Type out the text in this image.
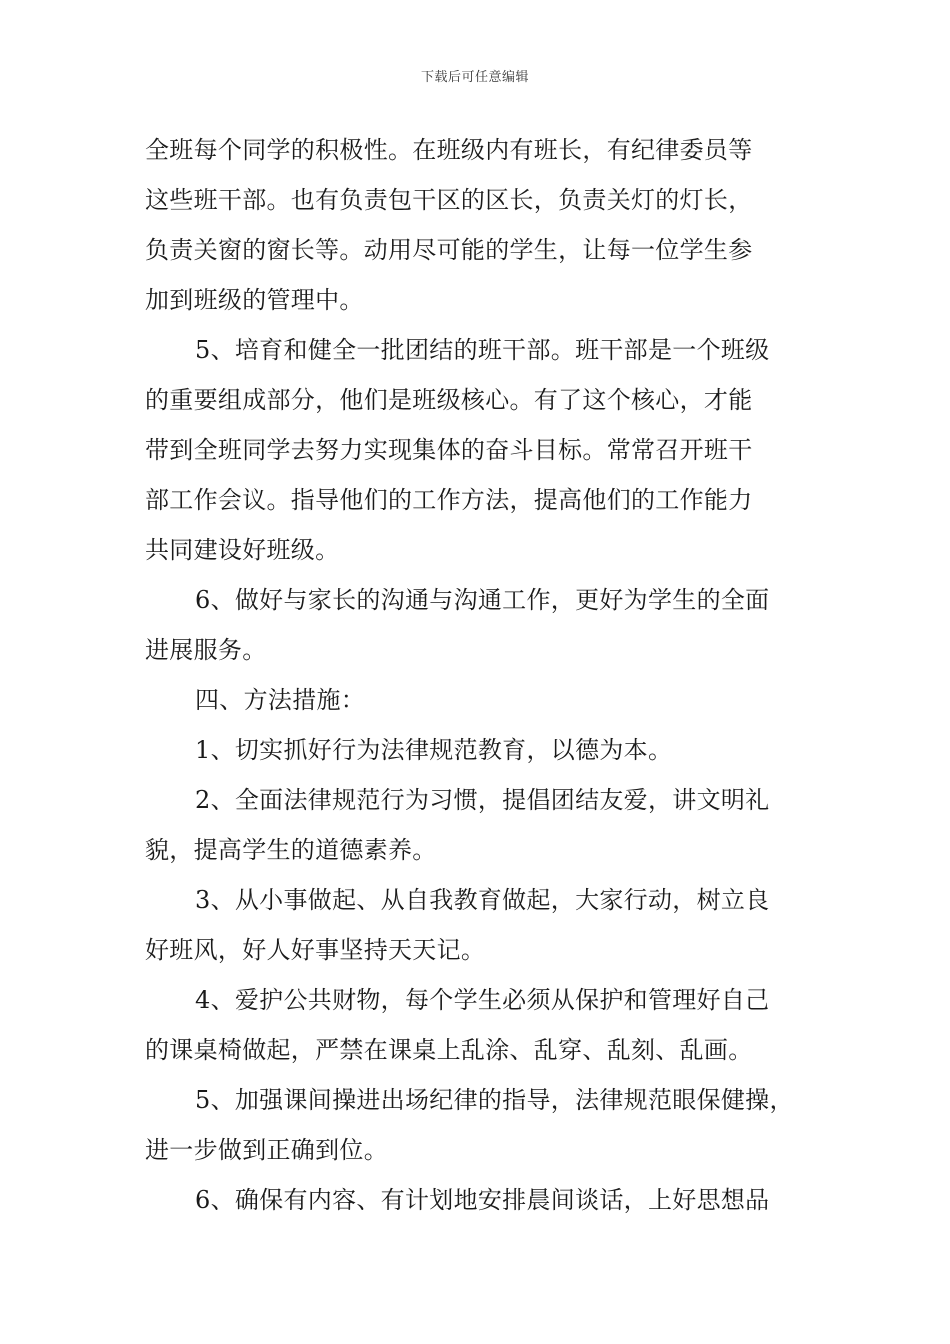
下载后可任意编辑
全班每个同学的积极性。在班级内有班长，有纪律委员等
这些班干部。也有负责包干区的区长，负责关灯的灯长，
负责关窗的窗长等。动用尽可能的学生，让每一位学生参
加到班级的管理中。
5、培育和健全一批团结的班干部。班干部是一个班级
的重要组成部分，他们是班级核心。有了这个核心，才能
带到全班同学去努力实现集体的奋斗目标。常常召开班干
部工作会议。指导他们的工作方法，提高他们的工作能力
共同建设好班级。
6、做好与家长的沟通与沟通工作，更好为学生的全面
进展服务。
四、方法措施：
1、切实抓好行为法律规范教育，以德为本。
2、全面法律规范行为习惯，提倡团结友爱，讲文明礼
貌，提高学生的道德素养。
3、从小事做起、从自我教育做起，大家行动，树立良
好班风，好人好事坚持天天记。
4、爱护公共财物，每个学生必须从保护和管理好自己
的课桌椅做起，严禁在课桌上乱涂、乱穿、乱刻、乱画。
5、加强课间操进出场纪律的指导，法律规范眼保健操，
进一步做到正确到位。
6、确保有内容、有计划地安排晨间谈话，上好思想品
